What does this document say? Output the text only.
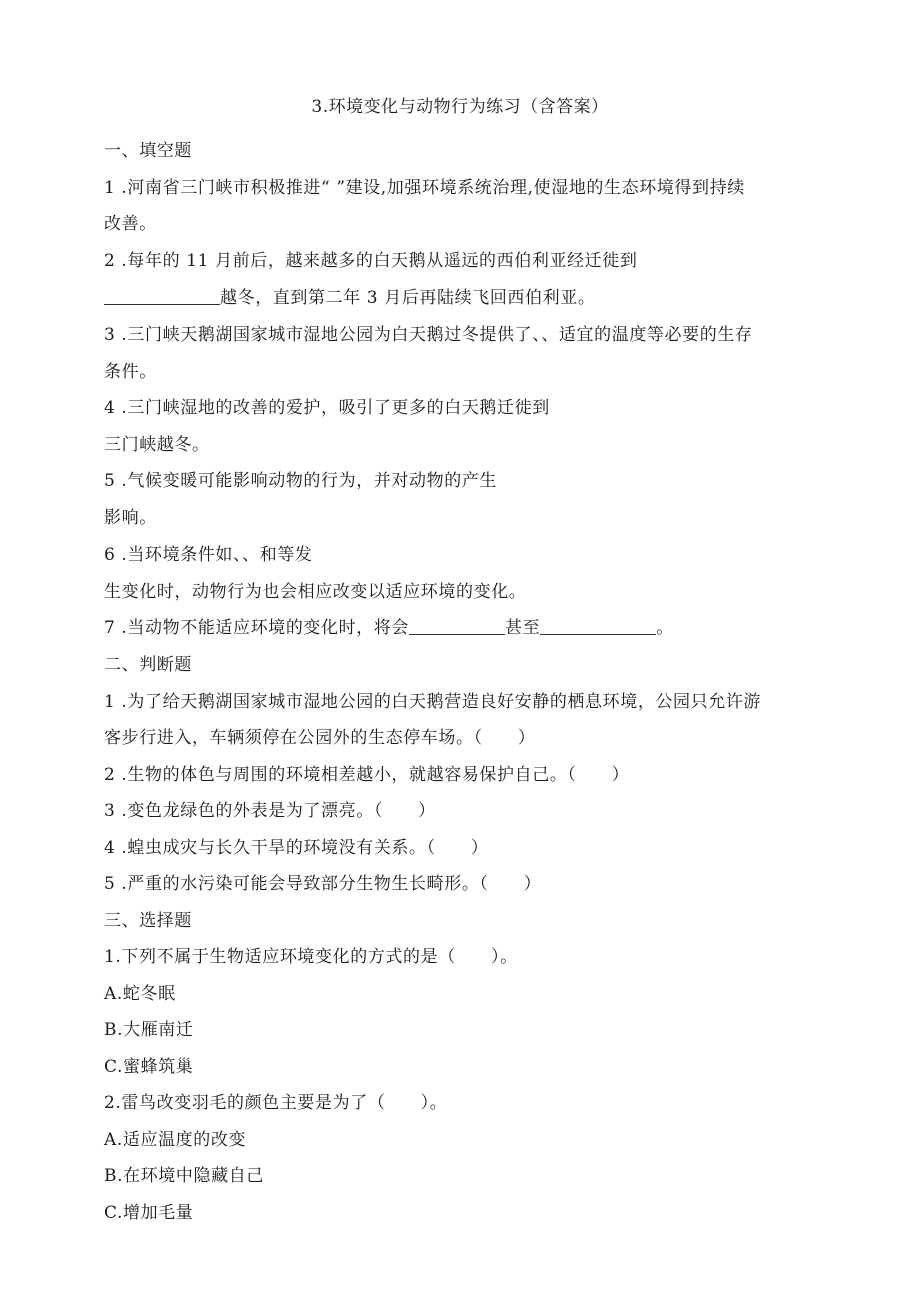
3.环境变化与动物行为练习（含答案）
一、填空题
1 .河南省三门峡市积极推进“ ”建设,加强环境系统治理,使湿地的生态环境得到持续
改善。
2 .每年的 11 月前后，越来越多的白天鹅从遥远的西伯利亚经迁徙到
越冬，直到第二年 3 月后再陆续飞回西伯利亚。
3 .三门峡天鹅湖国家城市湿地公园为白天鹅过冬提供了、、适宜的温度等必要的生存
条件。
4 .三门峡湿地的改善的爱护，吸引了更多的白天鹅迁徙到
三门峡越冬。
5 .气候变暖可能影响动物的行为，并对动物的产生
影响。
6 .当环境条件如、、和等发
生变化时，动物行为也会相应改变以适应环境的变化。
7 .当动物不能适应环境的变化时，将会	甚至	。
二、判断题
1 .为了给天鹅湖国家城市湿地公园的白天鹅营造良好安静的栖息环境，公园只允许游
客步行进入，车辆须停在公园外的生态停车场。（　　）
2 .生物的体色与周围的环境相差越小，就越容易保护自己。（　　）
3 .变色龙绿色的外表是为了漂亮。（　　）
4 .蝗虫成灾与长久干旱的环境没有关系。（　　）
5 .严重的水污染可能会导致部分生物生长畸形。（　　）
三、选择题
1.下列不属于生物适应环境变化的方式的是（　　）。
A.蛇冬眠
B.大雁南迁
C.蜜蜂筑巢
2.雷鸟改变羽毛的颜色主要是为了（　　）。
A.适应温度的改变
B.在环境中隐藏自己
C.增加毛量
